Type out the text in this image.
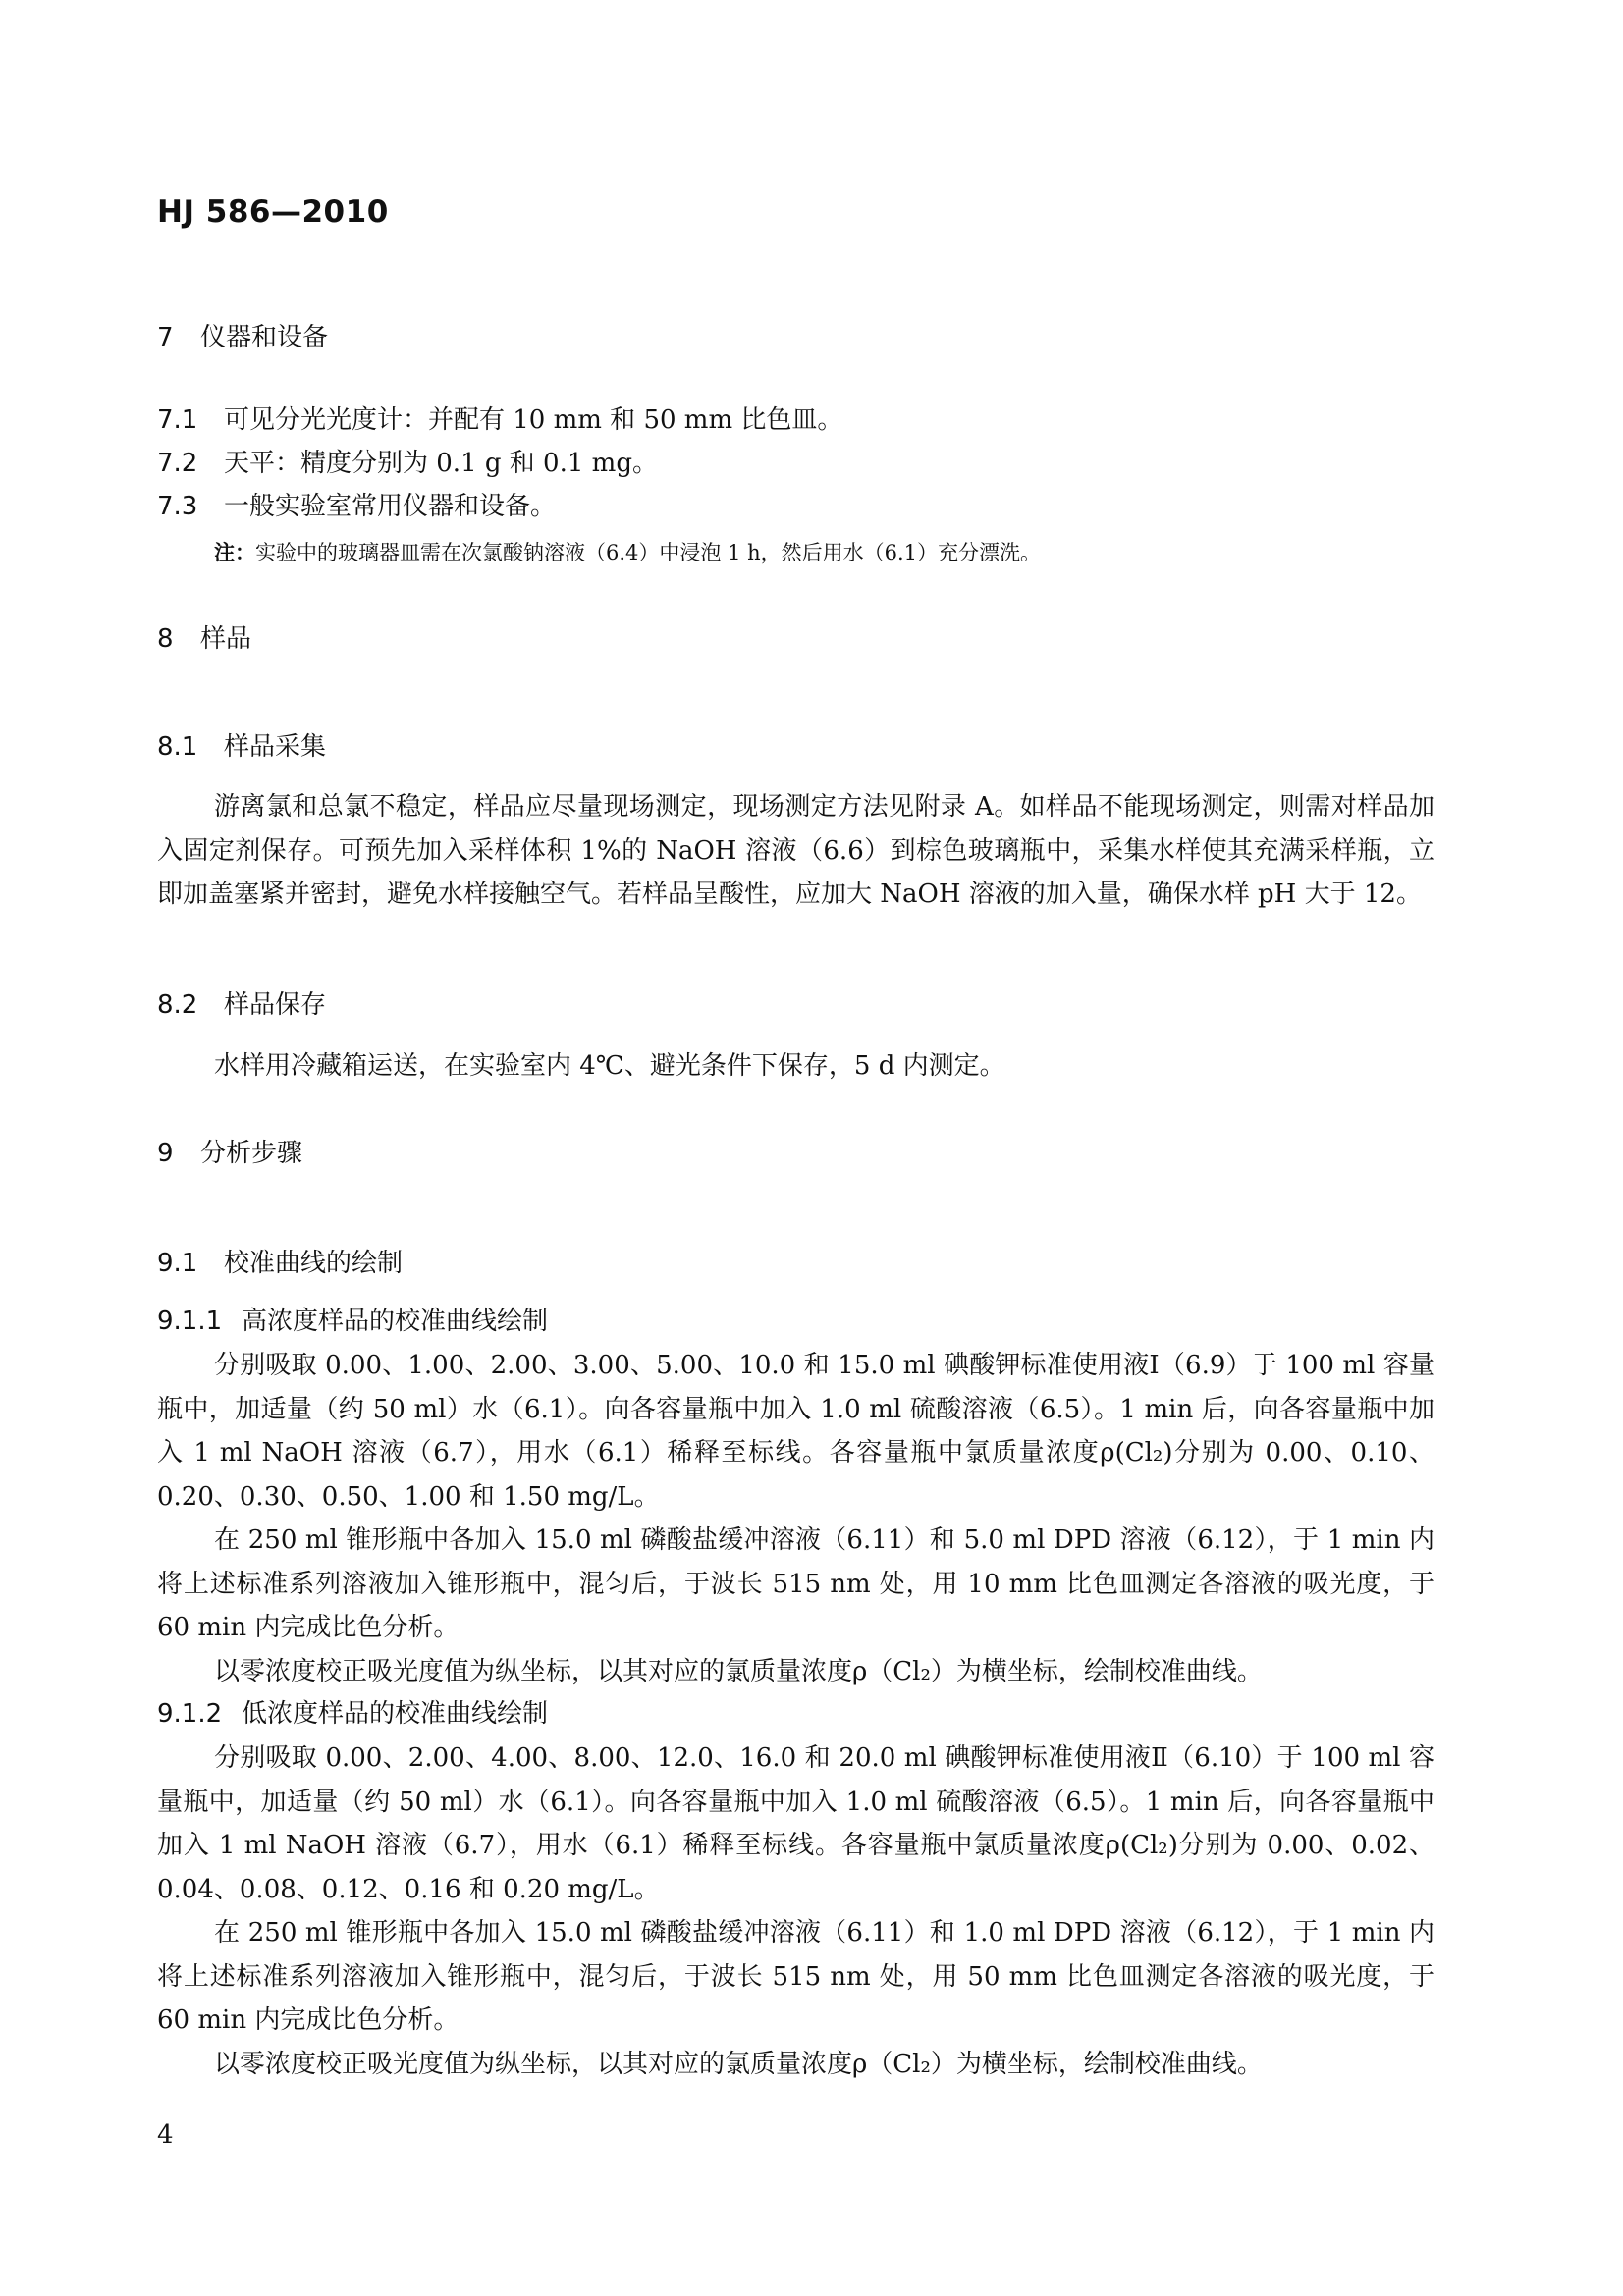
HJ 586—2010
7 仪器和设备
7.1 可见分光光度计：并配有 10 mm 和 50 mm 比色皿。
7.2 天平：精度分别为 0.1 g 和 0.1 mg。
7.3 一般实验室常用仪器和设备。
注：实验中的玻璃器皿需在次氯酸钠溶液（6.4）中浸泡 1 h，然后用水（6.1）充分漂洗。
8 样品
8.1 样品采集

游离氯和总氯不稳定，样品应尽量现场测定，现场测定方法见附录 A。如样品不能现场测定，则需对样品加入固定剂保存。可预先加入采样体积 1%的 NaOH 溶液（6.6）到棕色玻璃瓶中，采集水样使其充满采样瓶，立即加盖塞紧并密封，避免水样接触空气。若样品呈酸性，应加大 NaOH 溶液的加入量，确保水样 pH 大于 12。

8.2 样品保存

水样用冷藏箱运送，在实验室内 4℃、避光条件下保存，5 d 内测定。

9 分析步骤
9.1 校准曲线的绘制
9.1.1 高浓度样品的校准曲线绘制

分别吸取 0.00、1.00、2.00、3.00、5.00、10.0 和 15.0 ml 碘酸钾标准使用液Ⅰ（6.9）于 100 ml 容量瓶中，加适量（约 50 ml）水（6.1）。向各容量瓶中加入 1.0 ml 硫酸溶液（6.5）。1 min 后，向各容量瓶中加入 1 ml NaOH 溶液（6.7），用水（6.1）稀释至标线。各容量瓶中氯质量浓度ρ(Cl₂)分别为 0.00、0.10、0.20、0.30、0.50、1.00 和 1.50 mg/L。

在 250 ml 锥形瓶中各加入 15.0 ml 磷酸盐缓冲溶液（6.11）和 5.0 ml DPD 溶液（6.12），于 1 min 内将上述标准系列溶液加入锥形瓶中，混匀后，于波长 515 nm 处，用 10 mm 比色皿测定各溶液的吸光度，于 60 min 内完成比色分析。

以零浓度校正吸光度值为纵坐标，以其对应的氯质量浓度ρ（Cl₂）为横坐标，绘制校准曲线。

9.1.2 低浓度样品的校准曲线绘制

分别吸取 0.00、2.00、4.00、8.00、12.0、16.0 和 20.0 ml 碘酸钾标准使用液Ⅱ（6.10）于 100 ml 容量瓶中，加适量（约 50 ml）水（6.1）。向各容量瓶中加入 1.0 ml 硫酸溶液（6.5）。1 min 后，向各容量瓶中加入 1 ml NaOH 溶液（6.7），用水（6.1）稀释至标线。各容量瓶中氯质量浓度ρ(Cl₂)分别为 0.00、0.02、0.04、0.08、0.12、0.16 和 0.20 mg/L。

在 250 ml 锥形瓶中各加入 15.0 ml 磷酸盐缓冲溶液（6.11）和 1.0 ml DPD 溶液（6.12），于 1 min 内将上述标准系列溶液加入锥形瓶中，混匀后，于波长 515 nm 处，用 50 mm 比色皿测定各溶液的吸光度，于 60 min 内完成比色分析。

以零浓度校正吸光度值为纵坐标，以其对应的氯质量浓度ρ（Cl₂）为横坐标，绘制校准曲线。

4
